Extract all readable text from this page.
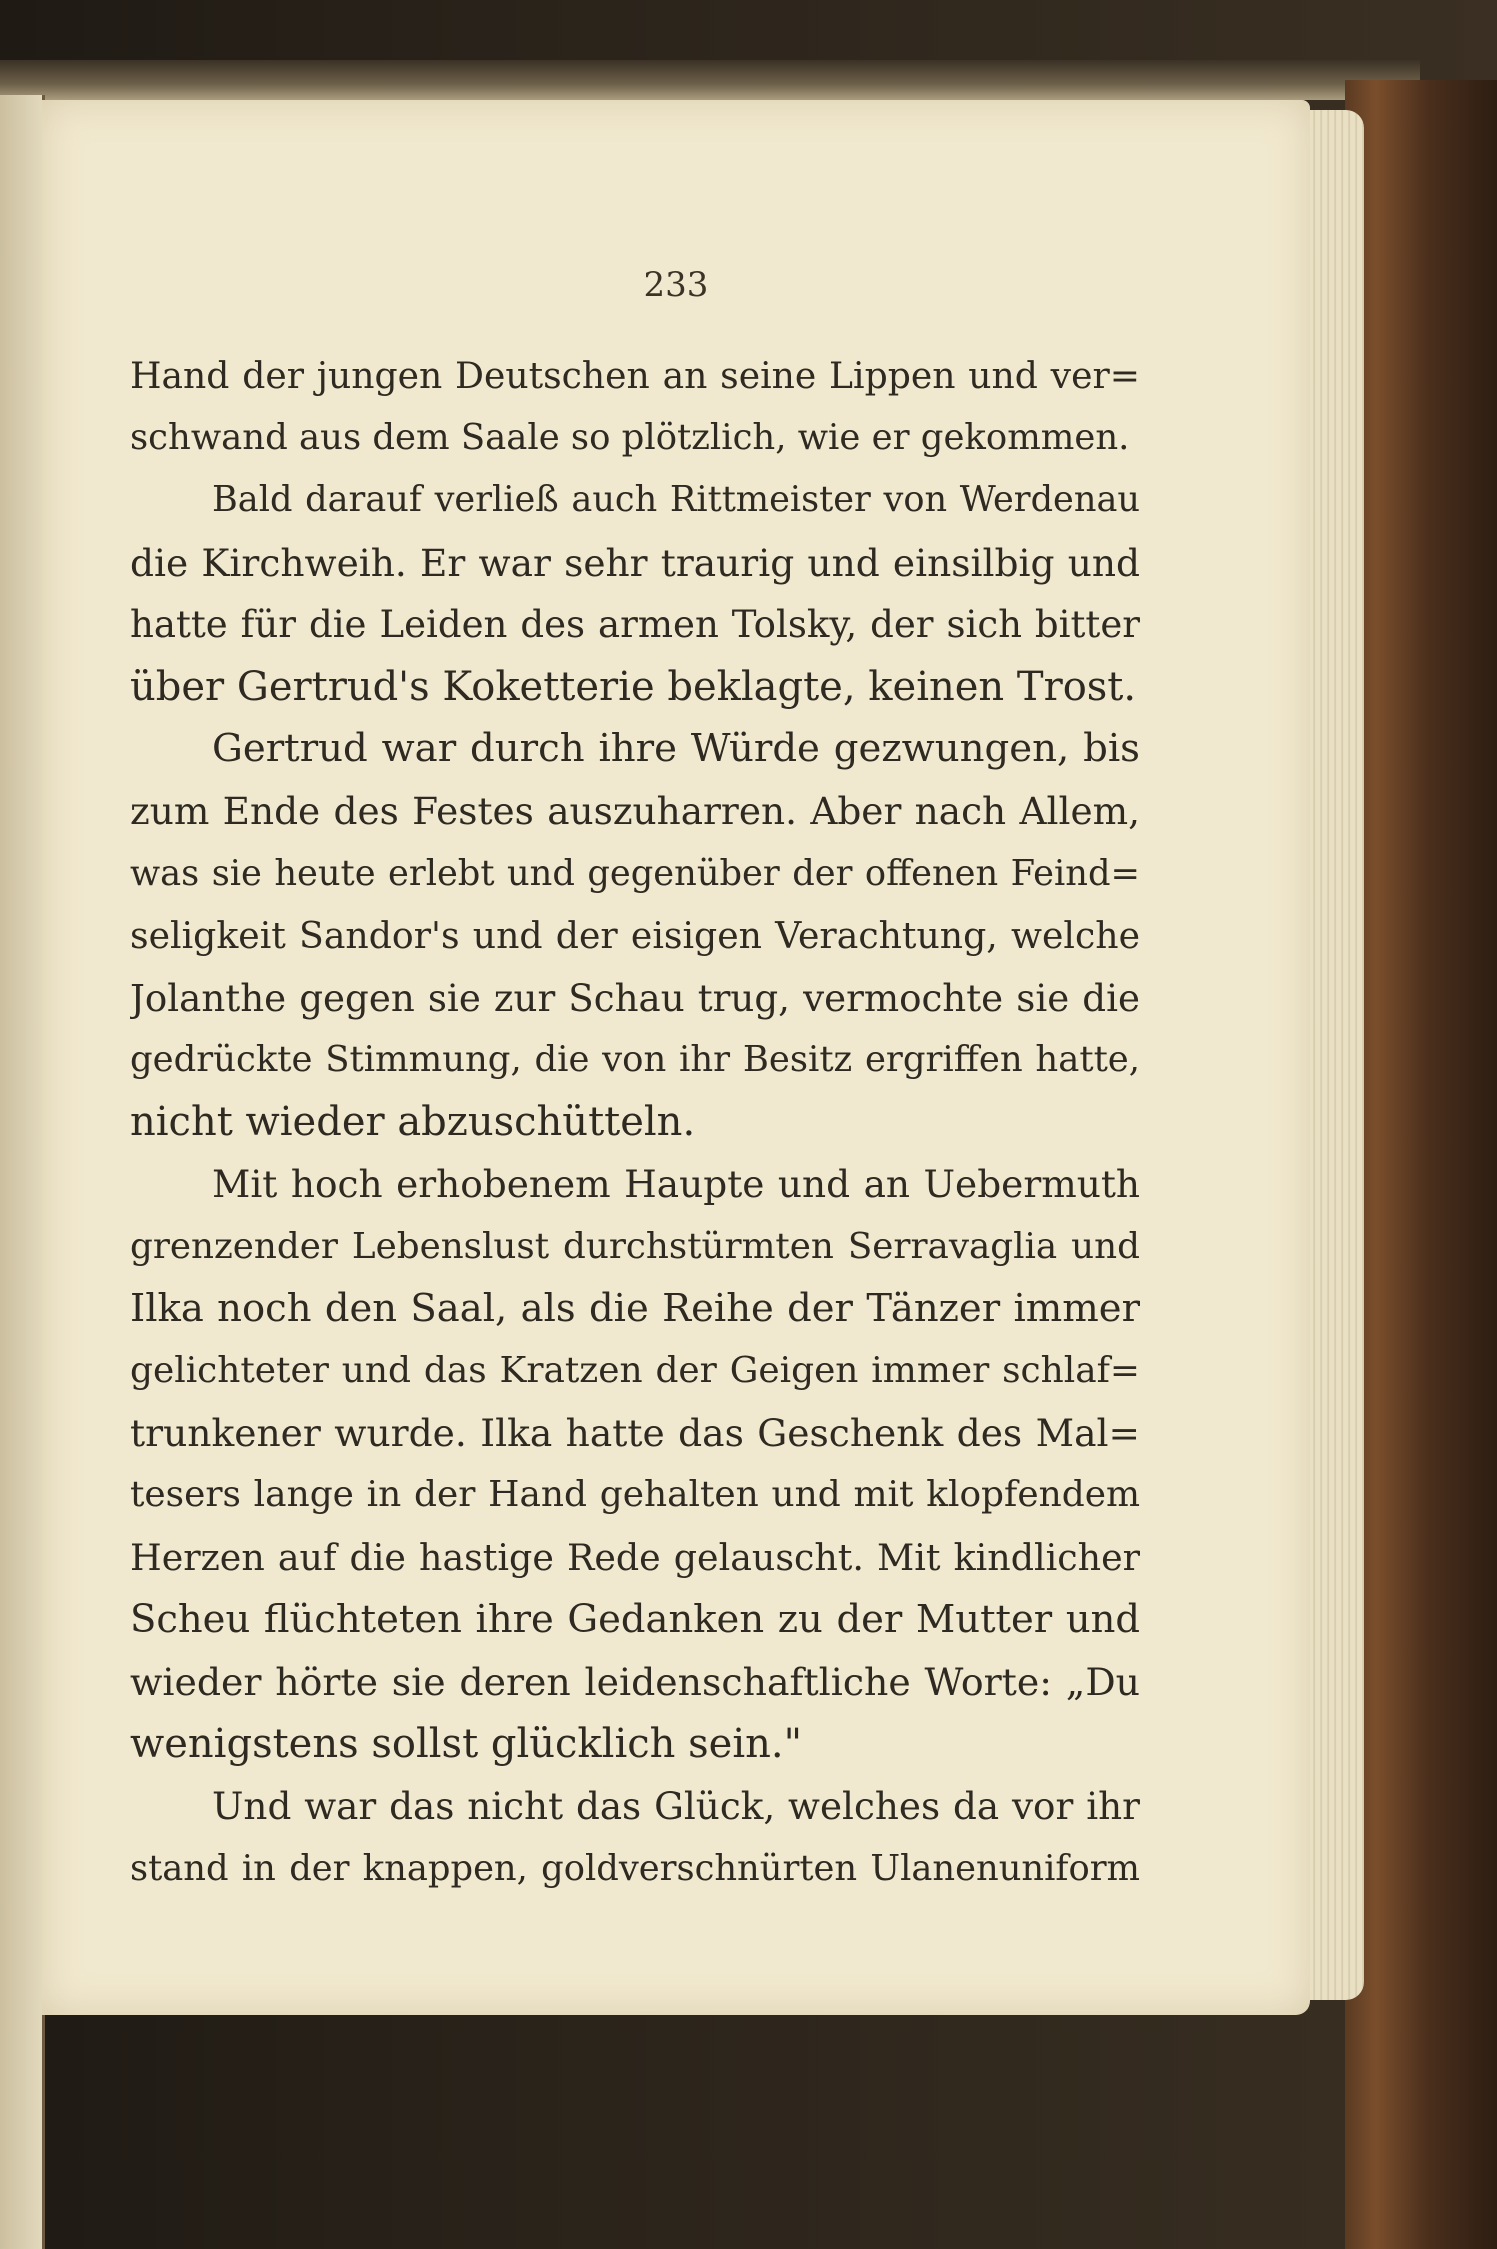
233
Hand der jungen Deutschen an seine Lippen und ver=
schwand aus dem Saale so plötzlich, wie er gekommen.
Bald darauf verließ auch Rittmeister von Werdenau
die Kirchweih. Er war sehr traurig und einsilbig und
hatte für die Leiden des armen Tolsky, der sich bitter
über Gertrud's Koketterie beklagte, keinen Trost.
Gertrud war durch ihre Würde gezwungen, bis
zum Ende des Festes auszuharren. Aber nach Allem,
was sie heute erlebt und gegenüber der offenen Feind=
seligkeit Sandor's und der eisigen Verachtung, welche
Jolanthe gegen sie zur Schau trug, vermochte sie die
gedrückte Stimmung, die von ihr Besitz ergriffen hatte,
nicht wieder abzuschütteln.
Mit hoch erhobenem Haupte und an Uebermuth
grenzender Lebenslust durchstürmten Serravaglia und
Ilka noch den Saal, als die Reihe der Tänzer immer
gelichteter und das Kratzen der Geigen immer schlaf=
trunkener wurde. Ilka hatte das Geschenk des Mal=
tesers lange in der Hand gehalten und mit klopfendem
Herzen auf die hastige Rede gelauscht. Mit kindlicher
Scheu flüchteten ihre Gedanken zu der Mutter und
wieder hörte sie deren leidenschaftliche Worte: „Du
wenigstens sollst glücklich sein."
Und war das nicht das Glück, welches da vor ihr
stand in der knappen, goldverschnürten Ulanenuniform
